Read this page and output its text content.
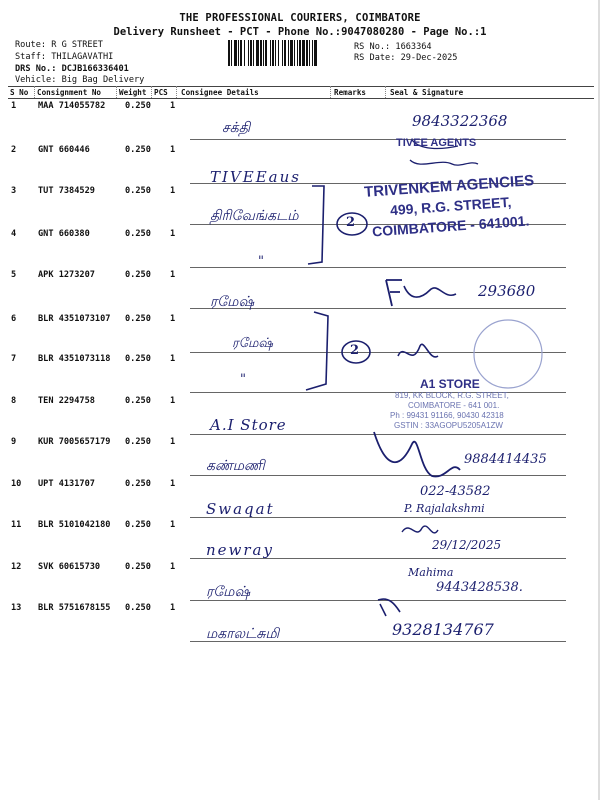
THE PROFESSIONAL COURIERS, COIMBATORE
Delivery Runsheet - PCT - Phone No.:9047080280 - Page No.:1
Route: R G STREET
Staff: THILAGAVATHI
DRS No.: DCJB166336401
Vehicle: Big Bag Delivery
RS No.: 1663364
RS Date: 29-Dec-2025
S No Consignment No Weight PCS Consignee Details	Remarks	Seal & Signature
1	MAA 714055782 0.250 1
2	GNT 660446	0.250 1
3	TUT 7384529	0.250 1
4	GNT 660380	0.250 1
5	APK 1273207	0.250 1
6	BLR 4351073107 0.250 1
7	BLR 4351073118 0.250 1
8	TEN 2294758	0.250 1
9	KUR 7005657179 0.250 1
10 UPT 4131707	0.250 1
11 BLR 5101042180 0.250 1
12 SVK 60615730	0.250 1
13 BLR 5751678155 0.250 1
சக்தி
TIVEEaus
திரிவேங்கடம்
"
ரமேஷ்
ரமேஷ்
"
A.I Store
கண்மணி
Swaqat
newray
ரமேஷ்
மகாலட்சுமி
2
2
9843322368
293680
9884414435
022-43582
P. Rajalakshmi
29/12/2025
Mahima
9443428538.
9328134767
TIVEE AGENTS
TRIVENKEM AGENCIES
499, R.G. STREET,
COIMBATORE - 641001.
A1 STORE
819, KK BLOCK, R.G. STREET,
COIMBATORE - 641 001.
Ph : 99431 91166, 90430 42318
GSTIN : 33AGOPU5205A1ZW
